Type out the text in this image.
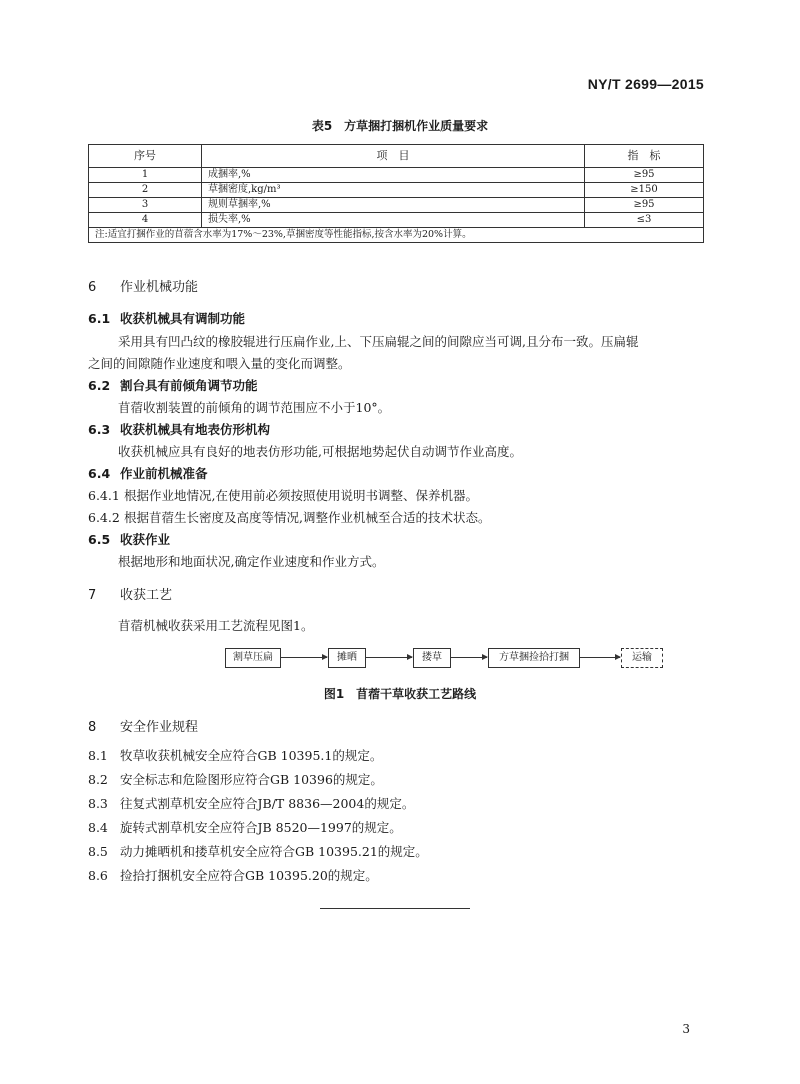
NY/T 2699—2015
表5　方草捆打捆机作业质量要求
序号	项　目	指　标
1	成捆率,%	≥95
2	草捆密度,kg/m³	≥150
3	规则草捆率,%	≥95
4	损失率,%	≤3
注:适宜打捆作业的苜蓿含水率为17%～23%,草捆密度等性能指标,按含水率为20%计算。		
6 作业机械功能
6.1 收获机械具有调制功能
采用具有凹凸纹的橡胶辊进行压扁作业,上、下压扁辊之间的间隙应当可调,且分布一致。压扁辊
之间的间隙随作业速度和喂入量的变化而调整。
6.2 割台具有前倾角调节功能
苜蓿收割装置的前倾角的调节范围应不小于10°。
6.3 收获机械具有地表仿形机构
收获机械应具有良好的地表仿形功能,可根据地势起伏自动调节作业高度。
6.4 作业前机械准备
6.4.1 根据作业地情况,在使用前必须按照使用说明书调整、保养机器。
6.4.2 根据苜蓿生长密度及高度等情况,调整作业机械至合适的技术状态。
6.5 收获作业
根据地形和地面状况,确定作业速度和作业方式。
7 收获工艺
苜蓿机械收获采用工艺流程见图1。
割草压扁	摊晒	搂草	方草捆捡拾打捆	运输
图1　苜蓿干草收获工艺路线
8 安全作业规程
8.1 牧草收获机械安全应符合GB 10395.1的规定。
8.2 安全标志和危险图形应符合GB 10396的规定。
8.3 往复式割草机安全应符合JB/T 8836—2004的规定。
8.4 旋转式割草机安全应符合JB 8520—1997的规定。
8.5 动力摊晒机和搂草机安全应符合GB 10395.21的规定。
8.6 捡拾打捆机安全应符合GB 10395.20的规定。
3
